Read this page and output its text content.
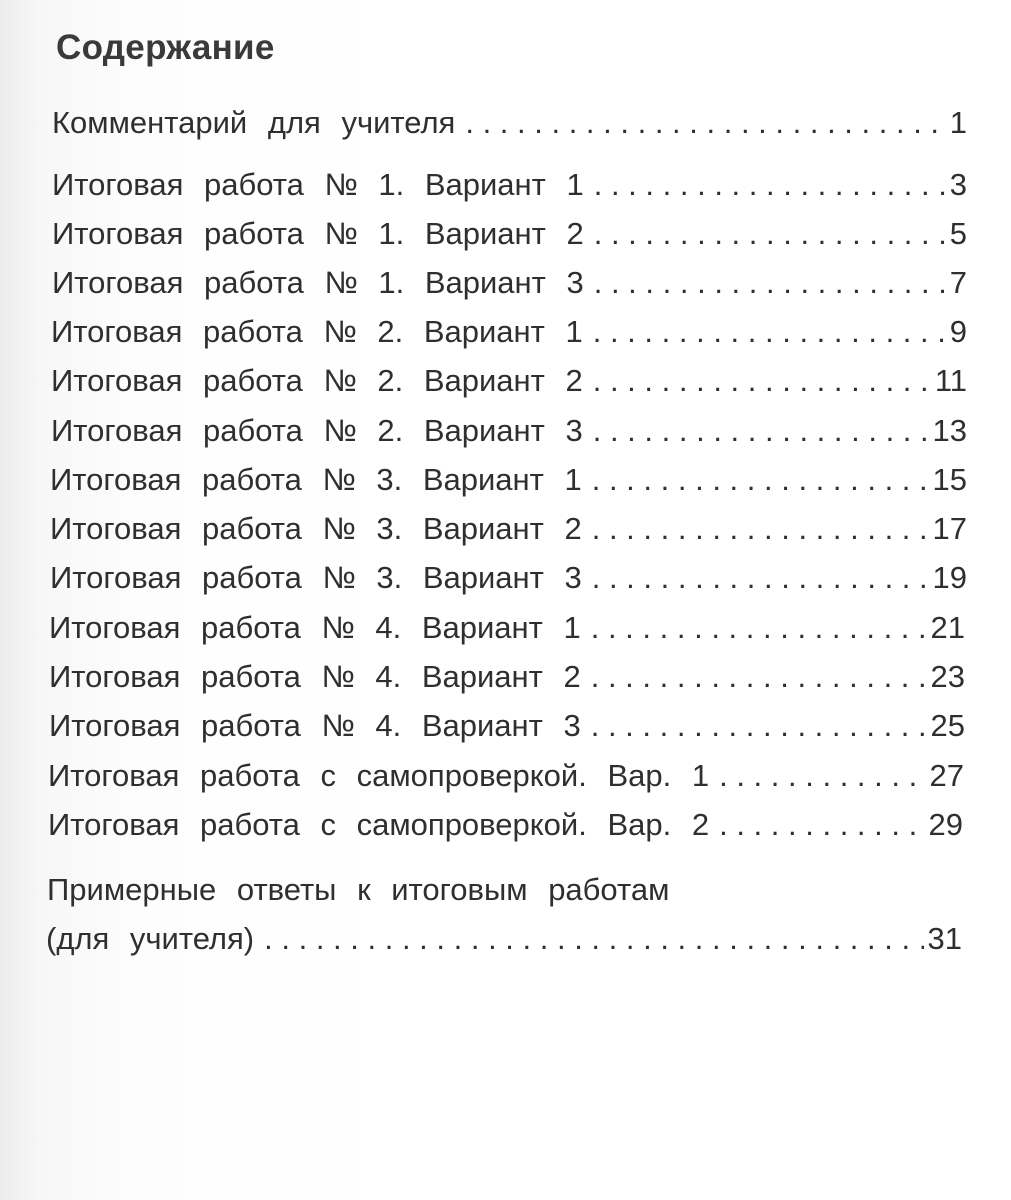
Содержание
Комментарий для учителя . . .	1
Итоговая работа № 1. Вариант 1 . . .	3
Итоговая работа № 1. Вариант 2 . . .	5
Итоговая работа № 1. Вариант 3 . . .	7
Итоговая работа № 2. Вариант 1 . . .	9
Итоговая работа № 2. Вариант 2 . . .	11
Итоговая работа № 2. Вариант 3 . . .	13
Итоговая работа № 3. Вариант 1 . . .	15
Итоговая работа № 3. Вариант 2 . . .	17
Итоговая работа № 3. Вариант 3 . . .	19
Итоговая работа № 4. Вариант 1 . . .	21
Итоговая работа № 4. Вариант 2 . . .	23
Итоговая работа № 4. Вариант 3 . . .	25
Итоговая работа с самопроверкой. Вар. 1 . . .	27
Итоговая работа с самопроверкой. Вар. 2 . . .	29
Примерные ответы к итоговым работам
(для учителя) . . .	31
